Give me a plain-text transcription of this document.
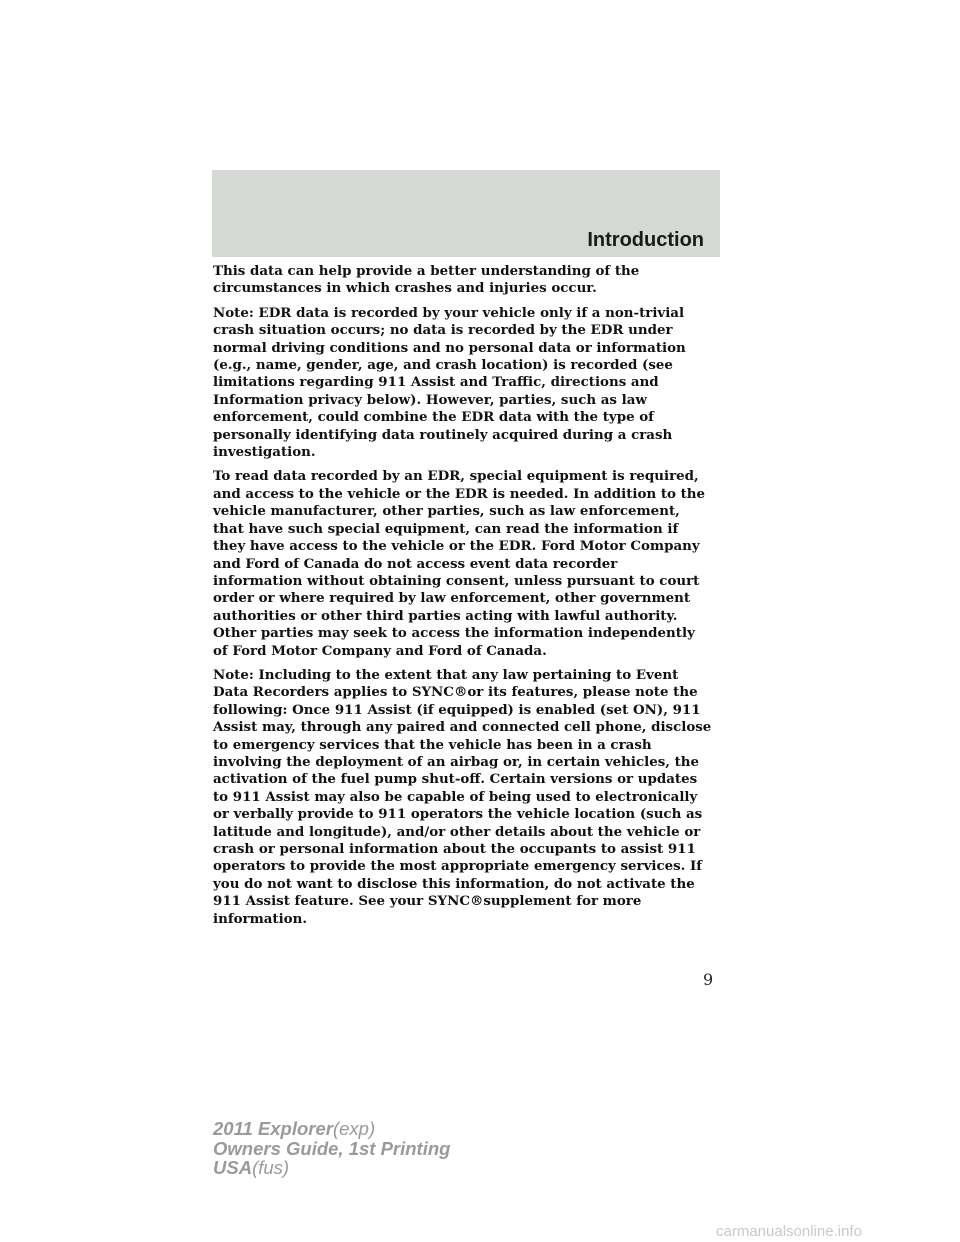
Introduction

This data can help provide a better understanding of the
circumstances in which crashes and injuries occur.

Note: EDR data is recorded by your vehicle only if a non-trivial
crash situation occurs; no data is recorded by the EDR under
normal driving conditions and no personal data or information
(e.g., name, gender, age, and crash location) is recorded (see
limitations regarding 911 Assist and Traffic, directions and
Information privacy below). However, parties, such as law
enforcement, could combine the EDR data with the type of
personally identifying data routinely acquired during a crash
investigation.

To read data recorded by an EDR, special equipment is required,
and access to the vehicle or the EDR is needed. In addition to the
vehicle manufacturer, other parties, such as law enforcement,
that have such special equipment, can read the information if
they have access to the vehicle or the EDR. Ford Motor Company
and Ford of Canada do not access event data recorder
information without obtaining consent, unless pursuant to court
order or where required by law enforcement, other government
authorities or other third parties acting with lawful authority.
Other parties may seek to access the information independently
of Ford Motor Company and Ford of Canada.

Note: Including to the extent that any law pertaining to Event
Data Recorders applies to SYNC®or its features, please note the
following: Once 911 Assist (if equipped) is enabled (set ON), 911
Assist may, through any paired and connected cell phone, disclose
to emergency services that the vehicle has been in a crash
involving the deployment of an airbag or, in certain vehicles, the
activation of the fuel pump shut-off. Certain versions or updates
to 911 Assist may also be capable of being used to electronically
or verbally provide to 911 operators the vehicle location (such as
latitude and longitude), and/or other details about the vehicle or
crash or personal information about the occupants to assist 911
operators to provide the most appropriate emergency services. If
you do not want to disclose this information, do not activate the
911 Assist feature. See your SYNC®supplement for more
information.

9
2011 Explorer(exp)
Owners Guide, 1st Printing
USA(fus)
carmanualsonline.info
